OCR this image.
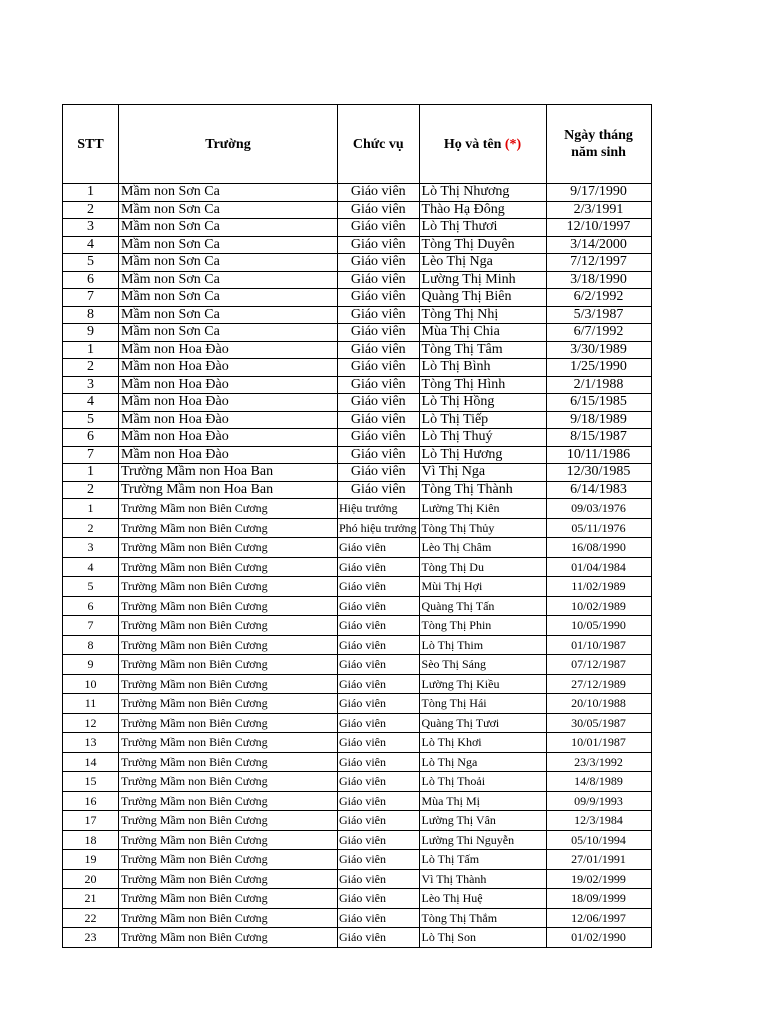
STT	Trường	Chức vụ	Họ và tên (*)	Ngày tháng
năm sinh
1	Mầm non Sơn Ca	Giáo viên	Lò Thị Nhương	9/17/1990
2	Mầm non Sơn Ca	Giáo viên	Thào Hạ Đông	2/3/1991
3	Mầm non Sơn Ca	Giáo viên	Lò Thị Thươi	12/10/1997
4	Mầm non Sơn Ca	Giáo viên	Tòng Thị Duyên	3/14/2000
5	Mầm non Sơn Ca	Giáo viên	Lèo Thị Nga	7/12/1997
6	Mầm non Sơn Ca	Giáo viên	Lường Thị Minh	3/18/1990
7	Mầm non Sơn Ca	Giáo viên	Quàng Thị Biên	6/2/1992
8	Mầm non Sơn Ca	Giáo viên	Tòng Thị Nhị	5/3/1987
9	Mầm non Sơn Ca	Giáo viên	Mùa Thị Chia	6/7/1992
1	Mầm non Hoa Đào	Giáo viên	Tòng Thị Tâm	3/30/1989
2	Mầm non Hoa Đào	Giáo viên	Lò Thị Bình	1/25/1990
3	Mầm non Hoa Đào	Giáo viên	Tòng Thị Hình	2/1/1988
4	Mầm non Hoa Đào	Giáo viên	Lò Thị Hồng	6/15/1985
5	Mầm non Hoa Đào	Giáo viên	Lò Thị Tiếp	9/18/1989
6	Mầm non Hoa Đào	Giáo viên	Lò Thị Thuý	8/15/1987
7	Mầm non Hoa Đào	Giáo viên	Lò Thị Hương	10/11/1986
1	Trường Mầm non Hoa Ban	Giáo viên	Vì Thị Nga	12/30/1985
2	Trường Mầm non Hoa Ban	Giáo viên	Tòng Thị Thành	6/14/1983
1	Trường Mầm non Biên Cương	Hiệu trưởng	Lường Thị Kiên	09/03/1976
2	Trường Mầm non Biên Cương	Phó hiệu trưởng	Tòng Thị Thủy	05/11/1976
3	Trường Mầm non Biên Cương	Giáo viên	Lèo Thị Châm	16/08/1990
4	Trường Mầm non Biên Cương	Giáo viên	Tòng Thị Du	01/04/1984
5	Trường Mầm non Biên Cương	Giáo viên	Mùi Thị Hợi	11/02/1989
6	Trường Mầm non Biên Cương	Giáo viên	Quàng Thị Tấn	10/02/1989
7	Trường Mầm non Biên Cương	Giáo viên	Tòng Thị Phin	10/05/1990
8	Trường Mầm non Biên Cương	Giáo viên	Lò Thị Thim	01/10/1987
9	Trường Mầm non Biên Cương	Giáo viên	Sèo Thị Sáng	07/12/1987
10	Trường Mầm non Biên Cương	Giáo viên	Lường Thị Kiều	27/12/1989
11	Trường Mầm non Biên Cương	Giáo viên	Tòng Thị Hái	20/10/1988
12	Trường Mầm non Biên Cương	Giáo viên	Quàng Thị Tươi	30/05/1987
13	Trường Mầm non Biên Cương	Giáo viên	Lò Thị Khơi	10/01/1987
14	Trường Mầm non Biên Cương	Giáo viên	Lò Thị Nga	23/3/1992
15	Trường Mầm non Biên Cương	Giáo viên	Lò Thị Thoải	14/8/1989
16	Trường Mầm non Biên Cương	Giáo viên	Mùa Thị Mị	09/9/1993
17	Trường Mầm non Biên Cương	Giáo viên	Lường Thị Vân	12/3/1984
18	Trường Mầm non Biên Cương	Giáo viên	Lường Thi Nguyễn	05/10/1994
19	Trường Mầm non Biên Cương	Giáo viên	Lò Thị Tấm	27/01/1991
20	Trường Mầm non Biên Cương	Giáo viên	Vì Thị Thành	19/02/1999
21	Trường Mầm non Biên Cương	Giáo viên	Lèo Thị Huệ	18/09/1999
22	Trường Mầm non Biên Cương	Giáo viên	Tòng Thị Thắm	12/06/1997
23	Trường Mầm non Biên Cương	Giáo viên	Lò Thị Son	01/02/1990
